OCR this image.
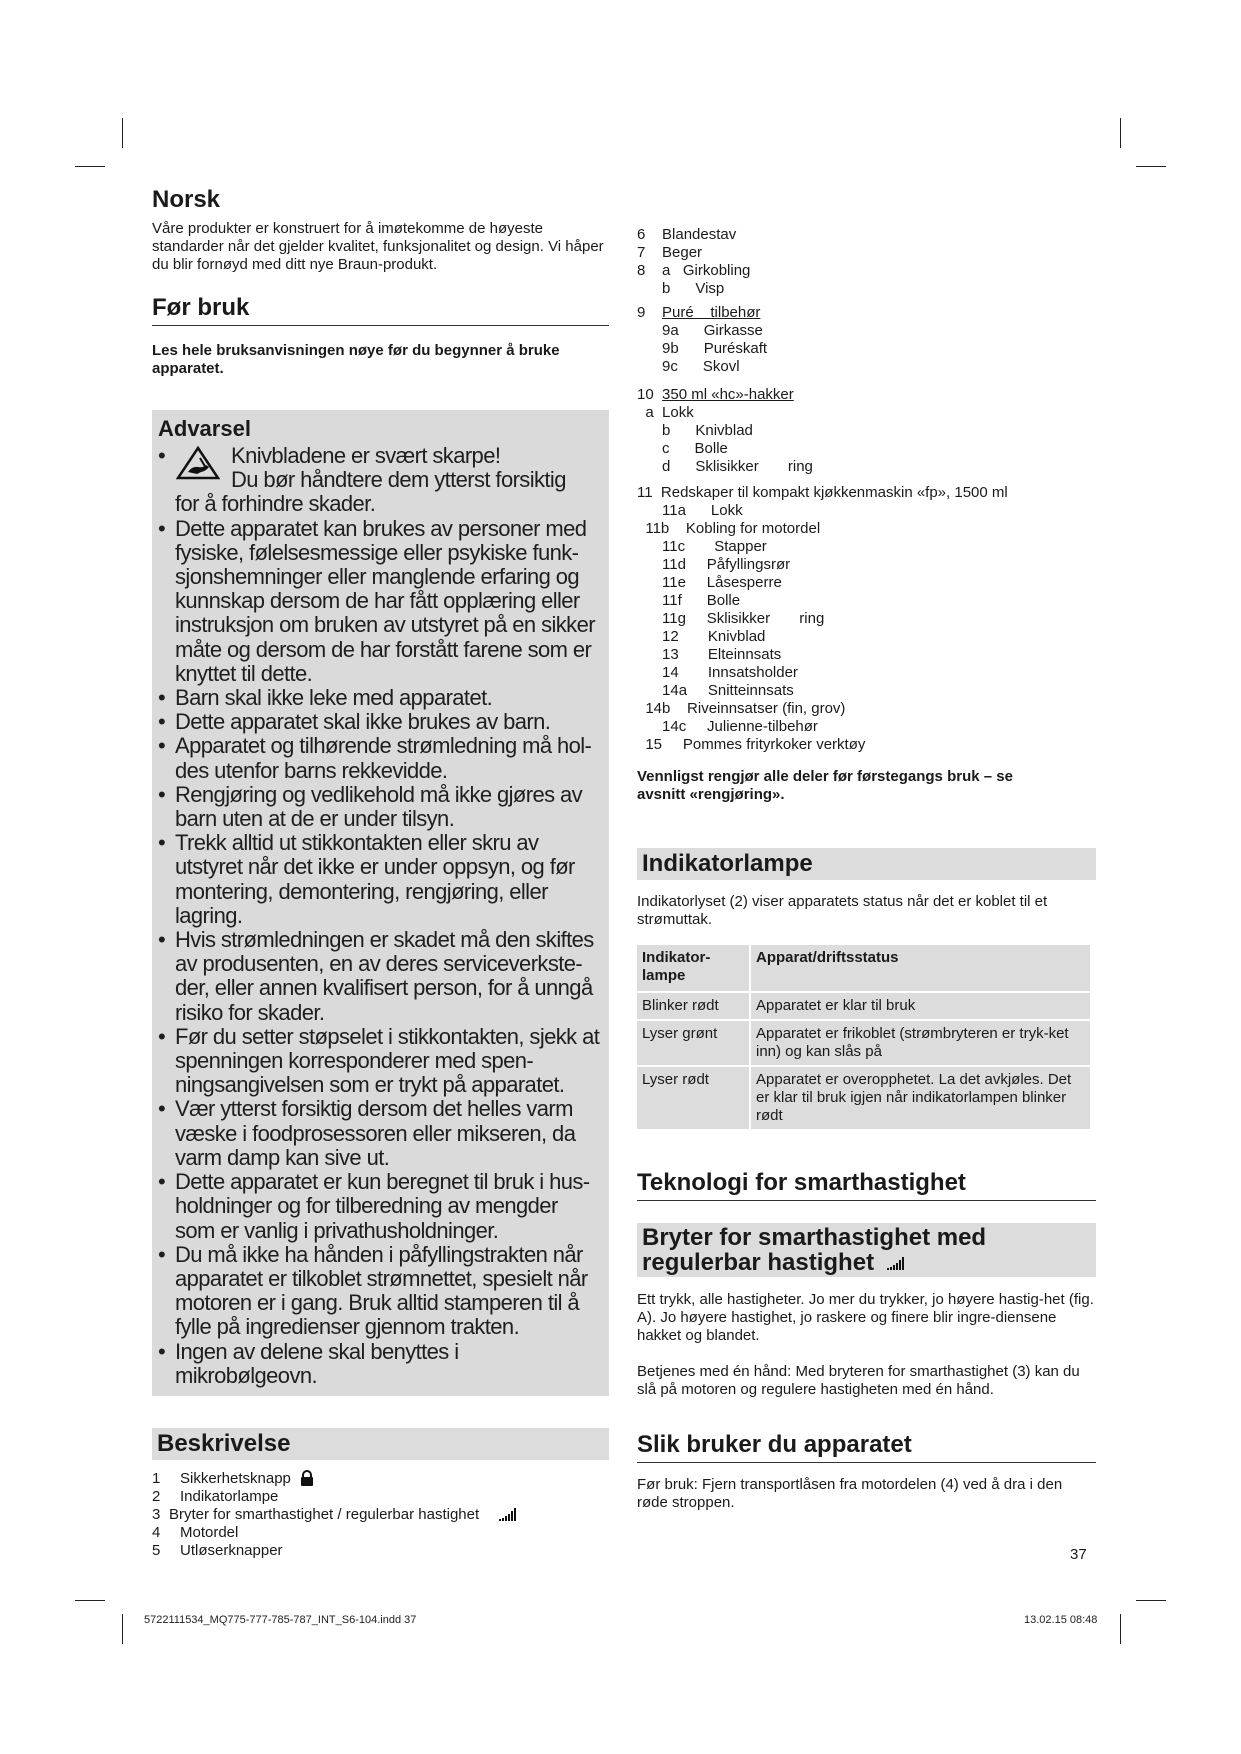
Norsk
Våre produkter er konstruert for å imøtekomme de høyeste standarder når det gjelder kvalitet, funksjonalitet og design. Vi håper du blir fornøyd med ditt nye Braun-produkt.
Før bruk
Les hele bruksanvisningen nøye før du begynner å bruke apparatet.
Advarsel
• Knivbladene er svært skarpe!
Du bør håndtere dem ytterst forsiktig
for å forhindre skader.
• Dette apparatet kan brukes av personer med fysiske, følelsesmessige eller psykiske funk-sjonshemninger eller manglende erfaring og kunnskap dersom de har fått opplæring eller instruksjon om bruken av utstyret på en sikker måte og dersom de har forstått farene som er knyttet til dette.
• Barn skal ikke leke med apparatet.
• Dette apparatet skal ikke brukes av barn.
• Apparatet og tilhørende strømledning må hol-des utenfor barns rekkevidde.
• Rengjøring og vedlikehold må ikke gjøres av barn uten at de er under tilsyn.
• Trekk alltid ut stikkontakten eller skru av utstyret når det ikke er under oppsyn, og før montering, demontering, rengjøring, eller lagring.
• Hvis strømledningen er skadet må den skiftes av produsenten, en av deres serviceverkste-der, eller annen kvalifisert person, for å unngå risiko for skader.
• Før du setter støpselet i stikkontakten, sjekk at spenningen korresponderer med spen-ningsangivelsen som er trykt på apparatet.
• Vær ytterst forsiktig dersom det helles varm væske i foodprosessoren eller mikseren, da varm damp kan sive ut.
• Dette apparatet er kun beregnet til bruk i hus-holdninger og for tilberedning av mengder som er vanlig i privathusholdninger.
• Du må ikke ha hånden i påfyllingstrakten når apparatet er tilkoblet strømnettet, spesielt når motoren er i gang. Bruk alltid stamperen til å fylle på ingredienser gjennom trakten.
• Ingen av delene skal benyttes i mikrobølgeovn.
Beskrivelse
1 Sikkerhetsknapp
2 Indikatorlampe
3 Bryter for smarthastighet / regulerbar hastighet
4 Motordel
5 Utløserknapper
6    Blandestav
7    Beger
8    a   Girkobling
b      Visp
9    Puré    tilbehør
9a      Girkasse
9b      Puréskaft
9c      Skovl
10  350 ml «hc»-hakker
a  Lokk
b      Knivblad
c      Bolle
d      Sklisikker       ring
11  Redskaper til kompakt kjøkkenmaskin «fp», 1500 ml
11a      Lokk
11b    Kobling for motordel
11c       Stapper
11d     Påfyllingsrør
11e     Låsesperre
11f      Bolle
11g     Sklisikker       ring
12       Knivblad
13       Elteinnsats
14       Innsatsholder
14a     Snitteinnsats
14b    Riveinnsatser (fin, grov)
14c     Julienne-tilbehør
15     Pommes frityrkoker verktøy
Vennligst rengjør alle deler før førstegangs bruk – se avsnitt «rengjøring».
Indikatorlampe
Indikatorlyset (2) viser apparatets status når det er koblet til et strømuttak.
Indikator-lampe	Apparat/driftsstatus
Blinker rødt	Apparatet er klar til bruk
Lyser grønt	Apparatet er frikoblet (strømbryteren er tryk-ket inn) og kan slås på
Lyser rødt	Apparatet er overopphetet. La det avkjøles. Det er klar til bruk igjen når indikatorlampen blinker rødt
Teknologi for smarthastighet
Bryter for smarthastighet med regulerbar hastighet
Ett trykk, alle hastigheter. Jo mer du trykker, jo høyere hastig-het (fig. A). Jo høyere hastighet, jo raskere og finere blir ingre-diensene hakket og blandet.
Betjenes med én hånd: Med bryteren for smarthastighet (3) kan du slå på motoren og regulere hastigheten med én hånd.
Slik bruker du apparatet
Før bruk: Fjern transportlåsen fra motordelen (4) ved å dra i den røde stroppen.
37
5722111534_MQ775-777-785-787_INT_S6-104.indd 37	13.02.15 08:48
